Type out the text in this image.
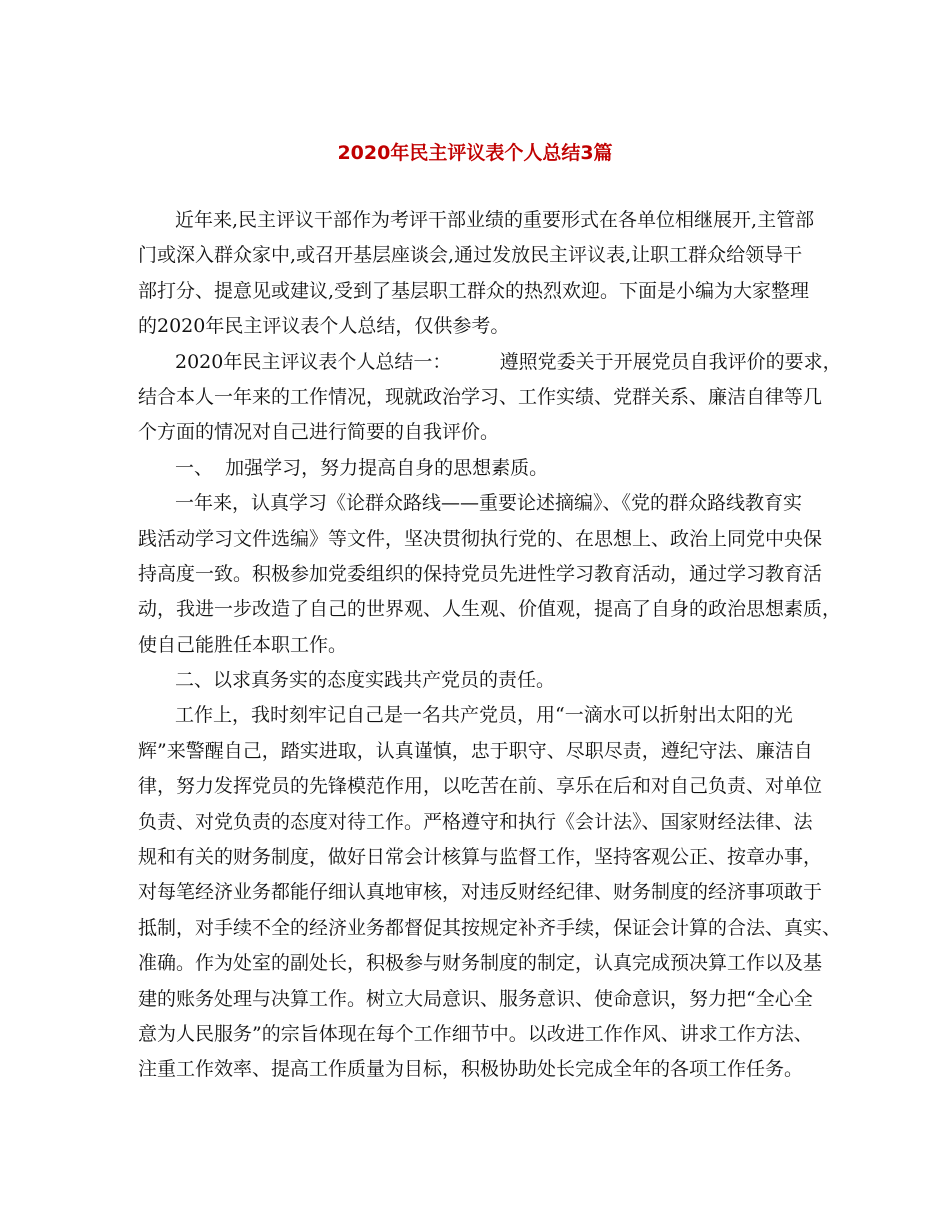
2020年民主评议表个人总结3篇
近年来,民主评议干部作为考评干部业绩的重要形式在各单位相继展开,主管部
门或深入群众家中,或召开基层座谈会,通过发放民主评议表,让职工群众给领导干
部打分、提意见或建议,受到了基层职工群众的热烈欢迎。下面是小编为大家整理
的2020年民主评议表个人总结，仅供参考。
2020年民主评议表个人总结一：        遵照党委关于开展党员自我评价的要求，
结合本人一年来的工作情况，现就政治学习、工作实绩、党群关系、廉洁自律等几
个方面的情况对自己进行简要的自我评价。
一、  加强学习，努力提高自身的思想素质。
一年来，认真学习《论群众路线——重要论述摘编》、《党的群众路线教育实
践活动学习文件选编》等文件，坚决贯彻执行党的、在思想上、政治上同党中央保
持高度一致。积极参加党委组织的保持党员先进性学习教育活动，通过学习教育活
动，我进一步改造了自己的世界观、人生观、价值观，提高了自身的政治思想素质，
使自己能胜任本职工作。
二、以求真务实的态度实践共产党员的责任。
工作上，我时刻牢记自己是一名共产党员，用“一滴水可以折射出太阳的光
辉”来警醒自己，踏实进取，认真谨慎，忠于职守、尽职尽责，遵纪守法、廉洁自
律，努力发挥党员的先锋模范作用，以吃苦在前、享乐在后和对自己负责、对单位
负责、对党负责的态度对待工作。严格遵守和执行《会计法》、国家财经法律、法
规和有关的财务制度，做好日常会计核算与监督工作，坚持客观公正、按章办事，
对每笔经济业务都能仔细认真地审核，对违反财经纪律、财务制度的经济事项敢于
抵制，对手续不全的经济业务都督促其按规定补齐手续，保证会计算的合法、真实、
准确。作为处室的副处长，积极参与财务制度的制定，认真完成预决算工作以及基
建的账务处理与决算工作。树立大局意识、服务意识、使命意识，努力把“全心全
意为人民服务”的宗旨体现在每个工作细节中。以改进工作作风、讲求工作方法、
注重工作效率、提高工作质量为目标，积极协助处长完成全年的各项工作任务。
